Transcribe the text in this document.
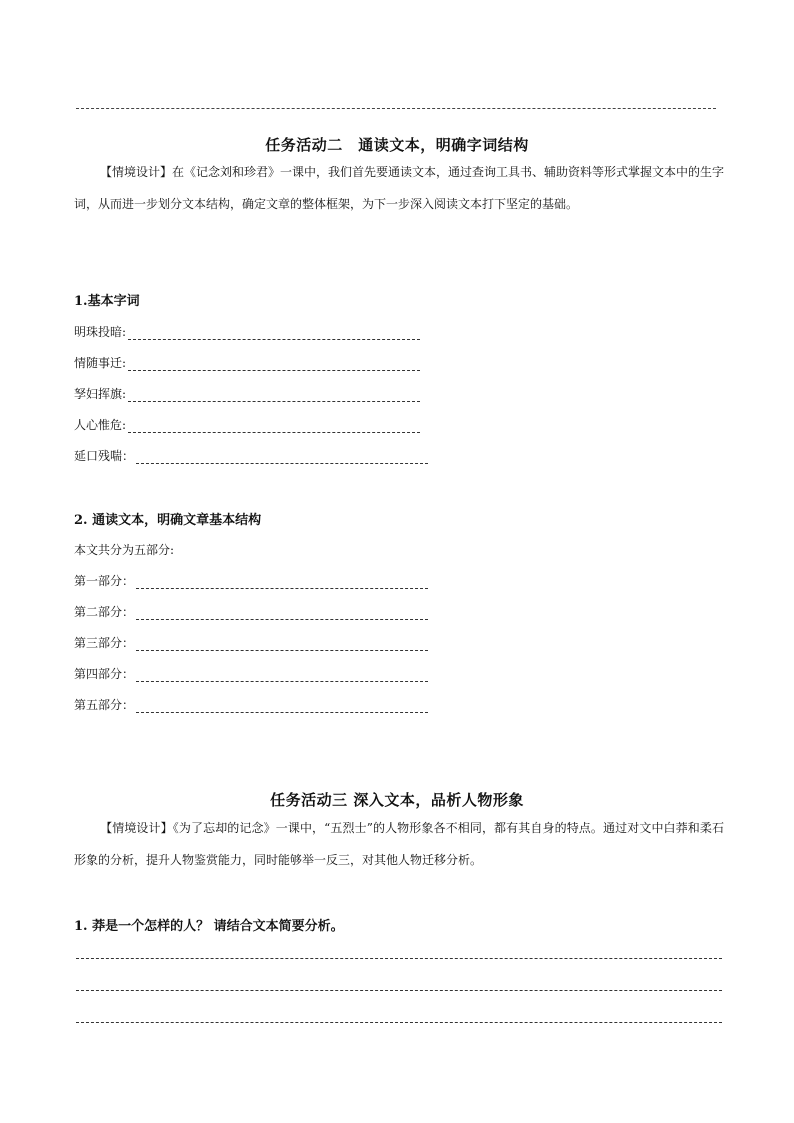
任务活动二　通读文本，明确字词结构
【情境设计】在《记念刘和珍君》一课中，我们首先要通读文本，通过查询工具书、辅助资料等形式掌握文本中的生字词，从而进一步划分文本结构，确定文章的整体框架，为下一步深入阅读文本打下坚定的基础。
1.基本字词
明珠投暗:
情随事迁:
孥妇挥旗:
人心惟危:
延口残喘：
2. 通读文本，明确文章基本结构
本文共分为五部分:
第一部分：
第二部分：
第三部分：
第四部分：
第五部分：
任务活动三 深入文本，品析人物形象
【情境设计】《为了忘却的记念》一课中，“五烈士”的人物形象各不相同，都有其自身的特点。通过对文中白莽和柔石形象的分析，提升人物鉴赏能力，同时能够举一反三，对其他人物迁移分析。
1. 莽是一个怎样的人？ 请结合文本简要分析。
